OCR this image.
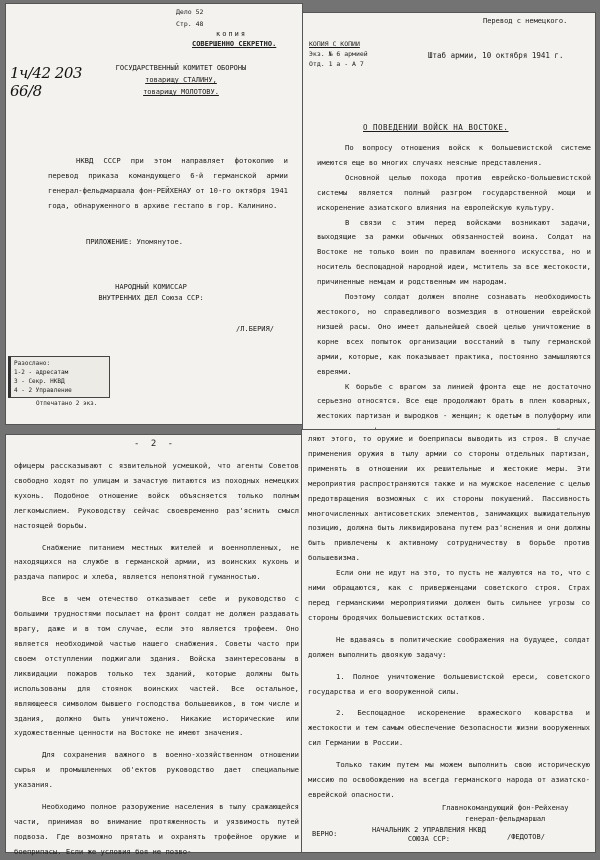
Дело 52
Стр. 48
1ч/42 203
66/8
копия
СОВЕРШЕННО СЕКРЕТНО.
ГОСУДАРСТВЕННЫЙ КОМИТЕТ ОБОРОНЫ
товарищу СТАЛИНУ,
товарищу МОЛОТОВУ.

НКВД СССР при этом направляет фотокопию и перевод приказа командующего 6-й германской армии генерал-фельдмаршала фон-РЕЙХЕНАУ от 10-го октября 1941 года, обнаруженного в архиве гестапо в гор. Калинино.

ПРИЛОЖЕНИЕ: Упомянутое.
НАРОДНЫЙ КОМИССАР
ВНУТРЕННИХ ДЕЛ Союза ССР:
/Л.БЕРИЯ/
Разослано:
1-2 - адресатам
3 - Секр. НКВД
4 - 2 Управление
Отпечатано 2 экз.
Перевод с немецкого.
КОПИЯ С КОПИИ
Экз. № 6 армией
Отд. 1 а - А 7
Штаб армии, 10 октября 1941 г.
О ПОВЕДЕНИИ ВОЙСК НА ВОСТОКЕ.

По вопросу отношения войск к большевистской системе имеются еще во многих случаях неясные представления.

Основной целью похода против еврейско-большевистской системы является полный разгром государственной мощи и искоренение азиатского влияния на европейскую культуру.

В связи с этим перед войсками возникают задачи, выходящие за рамки обычных обязанностей воина. Солдат на Востоке не только воин по правилам военного искусства, но и носитель беспощадной народной идеи, мститель за все жестокости, причиненные немцам и родственным им народам.

Поэтому солдат должен вполне сознавать необходимость жестокого, но справедливого возмездия в отношении еврейской низшей расы. Оно имеет дальнейшей своей целью уничтожение в корне всех попыток организации восстаний в тылу германской армии, которые, как показывает практика, постоянно замышляются евреями.

К борьбе с врагом за линией фронта еще не достаточно серьезно относятся. Все еще продолжают брать в плен коварных, жестоких партизан и выродков - женщин; к одетым в полуформу или

- 2 -

офицеры рассказывают с язвительной усмешкой, что агенты Советов свободно ходят по улицам и зачастую питаются из походных немецких кухонь. Подобное отношение войск объясняется только полным легкомыслием. Руководству сейчас своевременно раз'яснить смысл настоящей борьбы.

Снабжение питанием местных жителей и военнопленных, не находящихся на службе в германской армии, из воинских кухонь и раздача папирос и хлеба, является непонятной гуманностью.

Все в чем отечество отказывает себе и руководство с большими трудностями посылает на фронт солдат не должен раздавать врагу, даже и в том случае, если это является трофеем. Оно является необходимой частью нашего снабжения. Советы часто при своем отступлении поджигали здания. Войска заинтересованы в ликвидации пожаров только тех зданий, которые должны быть использованы для стоянок воинских частей. Все остальное, являющееся символом бывшего господства большевиков, в том числе и здания, должно быть уничтожено. Никакие исторические или художественные ценности на Востоке не имеют значения.

Для сохранения важного в военно-хозяйственном отношении сырья и промышленных об'ектов руководство дает специальные указания.

Необходимо полное разоружение населения в тылу сражающейся части, принимая во внимание протяженность и уязвимость путей подвоза. Где возможно прятать и охранять трофейное оружие и боеприпасы. Если же условия боя не позво-

ляют этого, то оружие и боеприпасы выводить из строя. В случае применения оружия в тылу армии со стороны отдельных партизан, применять в отношении их решительные и жестокие меры. Эти мероприятия распространяются также и на мужское население с целью предотвращения возможных с их стороны покушений. Пассивность многочисленных антисоветских элементов, занимающих выжидательную позицию, должна быть ликвидирована путем раз'яснения и они должны быть привлечены к активному сотрудничеству в борьбе против большевизма.

Если они не идут на это, то пусть не жалуются на то, что с ними обращаются, как с приверженцами советского строя. Страх перед германскими мероприятиями должен быть сильнее угрозы со стороны бродячих большевистских остатков.

Не вдаваясь в политические соображения на будущее, солдат должен выполнить двоякую задачу:

1. Полное уничтожение большевистской ереси, советского государства и его вооруженной силы.

2. Беспощадное искоренение вражеского коварства и жестокости и тем самым обеспечение безопасности жизни вооруженных сил Германии в России.

Только таким путем мы можем выполнить свою историческую миссию по освобождению на всегда германского народа от азиатско-еврейской опасности.

Главнокомандующий фон-Рейхенау
генерал-фельдмаршал
ВЕРНО:	НАЧАЛЬНИК 2 УПРАВЛЕНИЯ НКВД
СОЮЗА ССР:	/ФЕДОТОВ/
